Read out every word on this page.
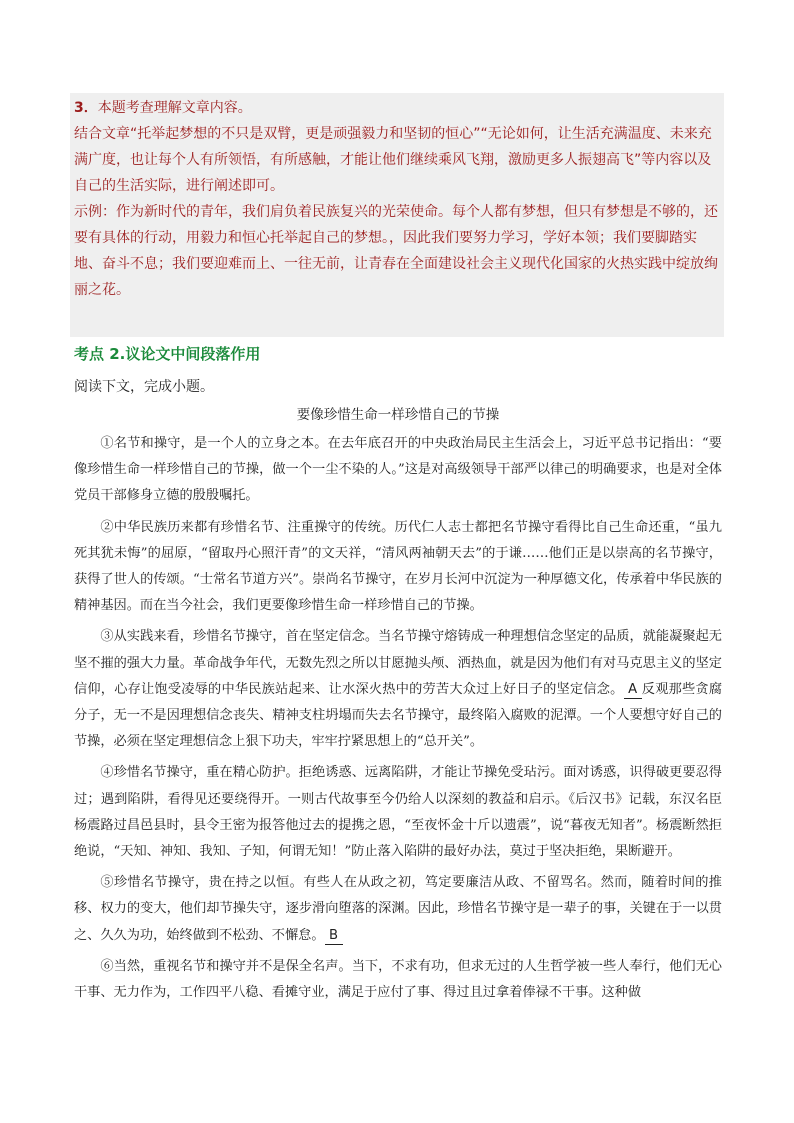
3．本题考查理解文章内容。

结合文章“托举起梦想的不只是双臂，更是顽强毅力和坚韧的恒心”“无论如何，让生活充满温度、未来充满广度，也让每个人有所领悟，有所感触，才能让他们继续乘风飞翔，激励更多人振翅高飞”等内容以及自己的生活实际，进行阐述即可。

示例：作为新时代的青年，我们肩负着民族复兴的光荣使命。每个人都有梦想，但只有梦想是不够的，还要有具体的行动，用毅力和恒心托举起自己的梦想。，因此我们要努力学习，学好本领；我们要脚踏实地、奋斗不息；我们要迎难而上、一往无前，让青春在全面建设社会主义现代化国家的火热实践中绽放绚丽之花。

考点 2.议论文中间段落作用

阅读下文，完成小题。

要像珍惜生命一样珍惜自己的节操

①名节和操守，是一个人的立身之本。在去年底召开的中央政治局民主生活会上，习近平总书记指出：“要像珍惜生命一样珍惜自己的节操，做一个一尘不染的人。”这是对高级领导干部严以律己的明确要求，也是对全体党员干部修身立德的殷殷嘱托。

②中华民族历来都有珍惜名节、注重操守的传统。历代仁人志士都把名节操守看得比自己生命还重，“虽九死其犹未悔”的屈原，“留取丹心照汗青”的文天祥，“清风两袖朝天去”的于谦……他们正是以崇高的名节操守，获得了世人的传颂。“士常名节道方兴”。崇尚名节操守，在岁月长河中沉淀为一种厚德文化，传承着中华民族的精神基因。而在当今社会，我们更要像珍惜生命一样珍惜自己的节操。

③从实践来看，珍惜名节操守，首在坚定信念。当名节操守熔铸成一种理想信念坚定的品质，就能凝聚起无坚不摧的强大力量。革命战争年代，无数先烈之所以甘愿抛头颅、洒热血，就是因为他们有对马克思主义的坚定信仰，心存让饱受凌辱的中华民族站起来、让水深火热中的劳苦大众过上好日子的坚定信念。 A 反观那些贪腐分子，无一不是因理想信念丧失、精神支柱坍塌而失去名节操守，最终陷入腐败的泥潭。一个人要想守好自己的节操，必须在坚定理想信念上狠下功夫，牢牢拧紧思想上的“总开关”。

④珍惜名节操守，重在精心防护。拒绝诱惑、远离陷阱，才能让节操免受玷污。面对诱惑，识得破更要忍得过；遇到陷阱，看得见还要绕得开。一则古代故事至今仍给人以深刻的教益和启示。《后汉书》记载，东汉名臣杨震路过昌邑县时，县令王密为报答他过去的提携之恩，“至夜怀金十斤以遗震”，说“暮夜无知者”。杨震断然拒绝说，“天知、神知、我知、子知，何谓无知！”防止落入陷阱的最好办法，莫过于坚决拒绝，果断避开。

⑤珍惜名节操守，贵在持之以恒。有些人在从政之初，笃定要廉洁从政、不留骂名。然而，随着时间的推移、权力的变大，他们却节操失守，逐步滑向堕落的深渊。因此，珍惜名节操守是一辈子的事，关键在于一以贯之、久久为功，始终做到不松劲、不懈怠。 B

⑥当然，重视名节和操守并不是保全名声。当下，不求有功，但求无过的人生哲学被一些人奉行，他们无心干事、无力作为，工作四平八稳、看摊守业，满足于应付了事、得过且过拿着俸禄不干事。这种做
